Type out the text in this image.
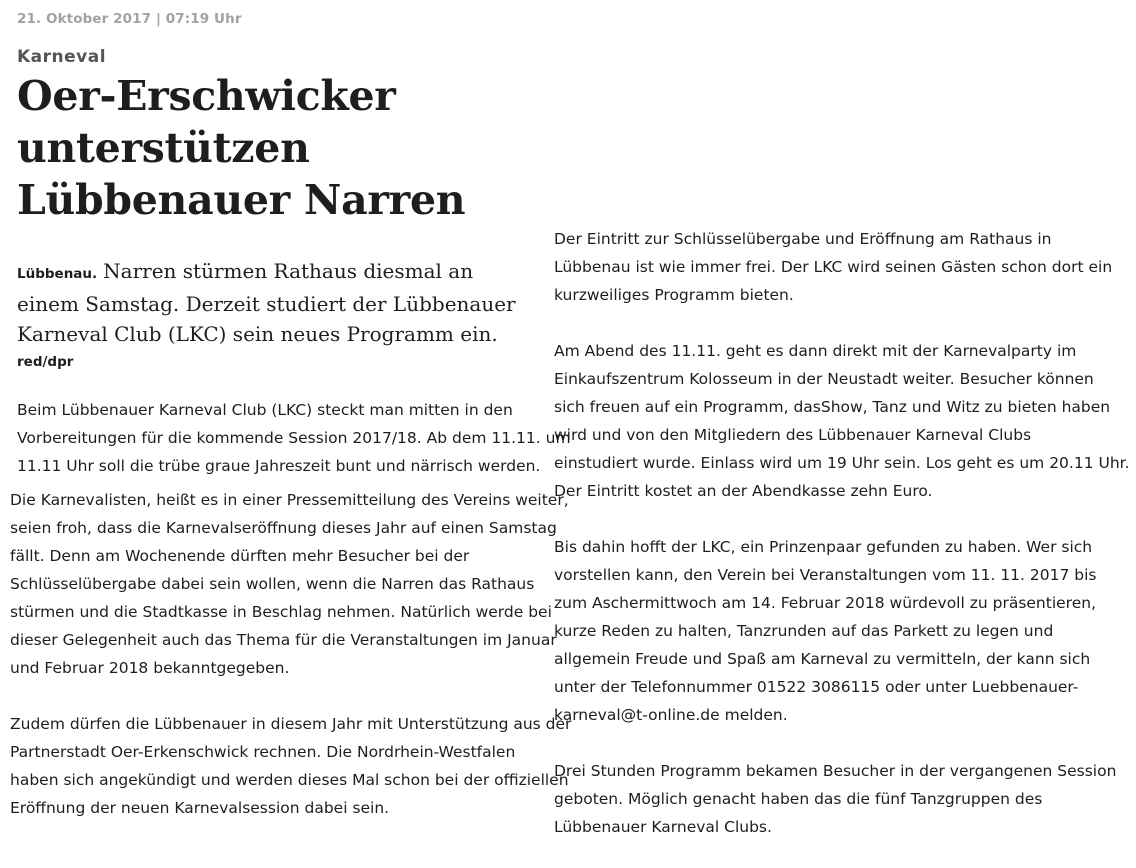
21. Oktober 2017 | 07:19 Uhr
Karneval
Oer-Erschwicker
unterstützen
Lübbenauer Narren
Lübbenau. Narren stürmen Rathaus diesmal an
einem Samstag. Derzeit studiert der Lübbenauer
Karneval Club (LKC) sein neues Programm ein.
red/dpr
Beim Lübbenauer Karneval Club (LKC) steckt man mitten in den
Vorbereitungen für die kommende Session 2017/18. Ab dem 11.11. um
11.11 Uhr soll die trübe graue Jahreszeit bunt und närrisch werden.
Die Karnevalisten, heißt es in einer Pressemitteilung des Vereins weiter,
seien froh, dass die Karnevalseröffnung dieses Jahr auf einen Samstag
fällt. Denn am Wochenende dürften mehr Besucher bei der
Schlüsselübergabe dabei sein wollen, wenn die Narren das Rathaus
stürmen und die Stadtkasse in Beschlag nehmen. Natürlich werde bei
dieser Gelegenheit auch das Thema für die Veranstaltungen im Januar
und Februar 2018 bekanntgegeben.
Zudem dürfen die Lübbenauer in diesem Jahr mit Unterstützung aus der
Partnerstadt Oer-Erkenschwick rechnen. Die Nordrhein-Westfalen
haben sich angekündigt und werden dieses Mal schon bei der offiziellen
Eröffnung der neuen Karnevalsession dabei sein.
Der Eintritt zur Schlüsselübergabe und Eröffnung am Rathaus in
Lübbenau ist wie immer frei. Der LKC wird seinen Gästen schon dort ein
kurzweiliges Programm bieten.
Am Abend des 11.11. geht es dann direkt mit der Karnevalparty im
Einkaufszentrum Kolosseum in der Neustadt weiter. Besucher können
sich freuen auf ein Programm, dasShow, Tanz und Witz zu bieten haben
wird und von den Mitgliedern des Lübbenauer Karneval Clubs
einstudiert wurde. Einlass wird um 19 Uhr sein. Los geht es um 20.11 Uhr.
Der Eintritt kostet an der Abendkasse zehn Euro.
Bis dahin hofft der LKC, ein Prinzenpaar gefunden zu haben. Wer sich
vorstellen kann, den Verein bei Veranstaltungen vom 11. 11. 2017 bis
zum Aschermittwoch am 14. Februar 2018 würdevoll zu präsentieren,
kurze Reden zu halten, Tanzrunden auf das Parkett zu legen und
allgemein Freude und Spaß am Karneval zu vermitteln, der kann sich
unter der Telefonnummer 01522 3086115 oder unter Luebbenauer-
karneval@t-online.de melden.
Drei Stunden Programm bekamen Besucher in der vergangenen Session
geboten. Möglich genacht haben das die fünf Tanzgruppen des
Lübbenauer Karneval Clubs.
